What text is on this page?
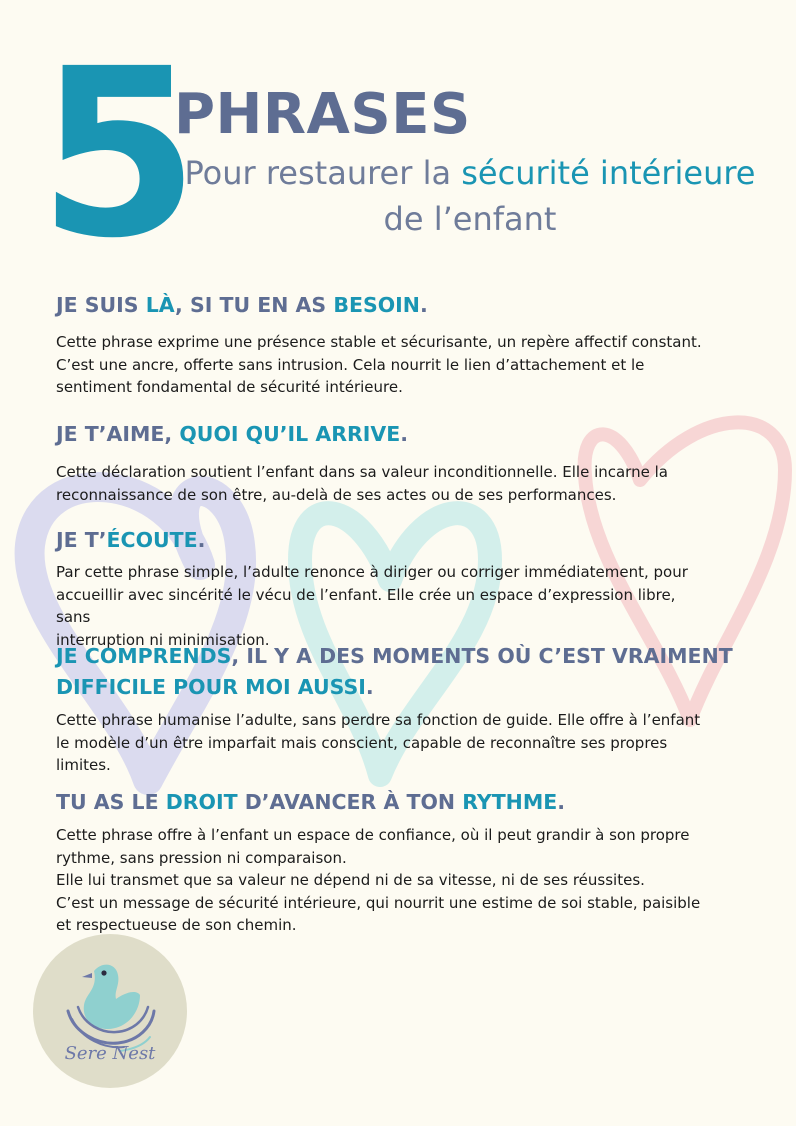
5
PHRASES
Pour restaurer la sécurité intérieure
de l’enfant
JE SUIS LÀ, SI TU EN AS BESOIN.

Cette phrase exprime une présence stable et sécurisante, un repère affectif constant.
C’est une ancre, offerte sans intrusion. Cela nourrit le lien d’attachement et le
sentiment fondamental de sécurité intérieure.

JE T’AIME, QUOI QU’IL ARRIVE.

Cette déclaration soutient l’enfant dans sa valeur inconditionnelle. Elle incarne la
reconnaissance de son être, au-delà de ses actes ou de ses performances.

JE T’ÉCOUTE.

Par cette phrase simple, l’adulte renonce à diriger ou corriger immédiatement, pour
accueillir avec sincérité le vécu de l’enfant. Elle crée un espace d’expression libre, sans
interruption ni minimisation.

JE COMPRENDS, IL Y A DES MOMENTS OÙ C’EST VRAIMENT
DIFFICILE POUR MOI AUSSI.

Cette phrase humanise l’adulte, sans perdre sa fonction de guide. Elle offre à l’enfant
le modèle d’un être imparfait mais conscient, capable de reconnaître ses propres
limites.

TU AS LE DROIT D’AVANCER À TON RYTHME.

Cette phrase offre à l’enfant un espace de confiance, où il peut grandir à son propre
rythme, sans pression ni comparaison.
Elle lui transmet que sa valeur ne dépend ni de sa vitesse, ni de ses réussites.
C’est un message de sécurité intérieure, qui nourrit une estime de soi stable, paisible
et respectueuse de son chemin.

Sere Nest
